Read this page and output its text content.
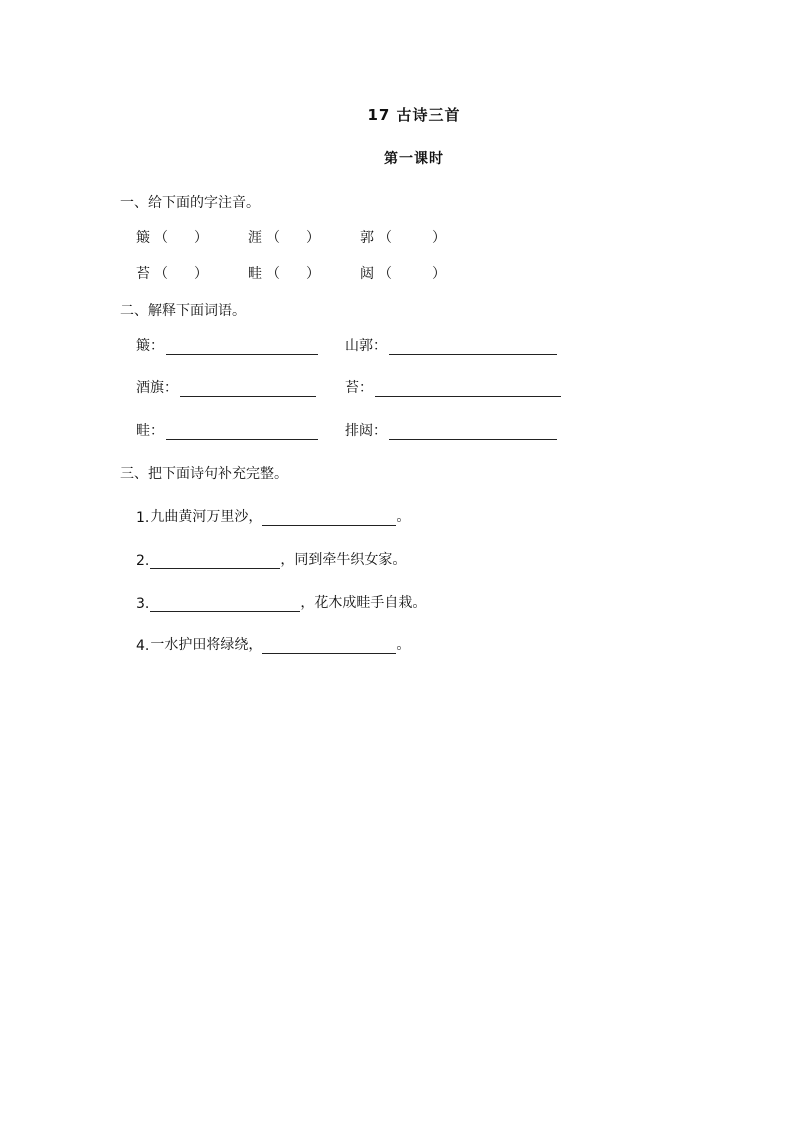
17 古诗三首
第一课时
一、给下面的字注音。
簸 （ ）	涯 （ ）	郭 （	）
苔 （ ）	畦 （ ）	闼 （	）
二、解释下面词语。
簸：	山郭：
酒旗：	苔：
畦：	排闼：
三、把下面诗句补充完整。
1. 九曲黄河万里沙，	。
2.	，同到牵牛织女家。
3.	，花木成畦手自栽。
4. 一水护田将绿绕，	。
